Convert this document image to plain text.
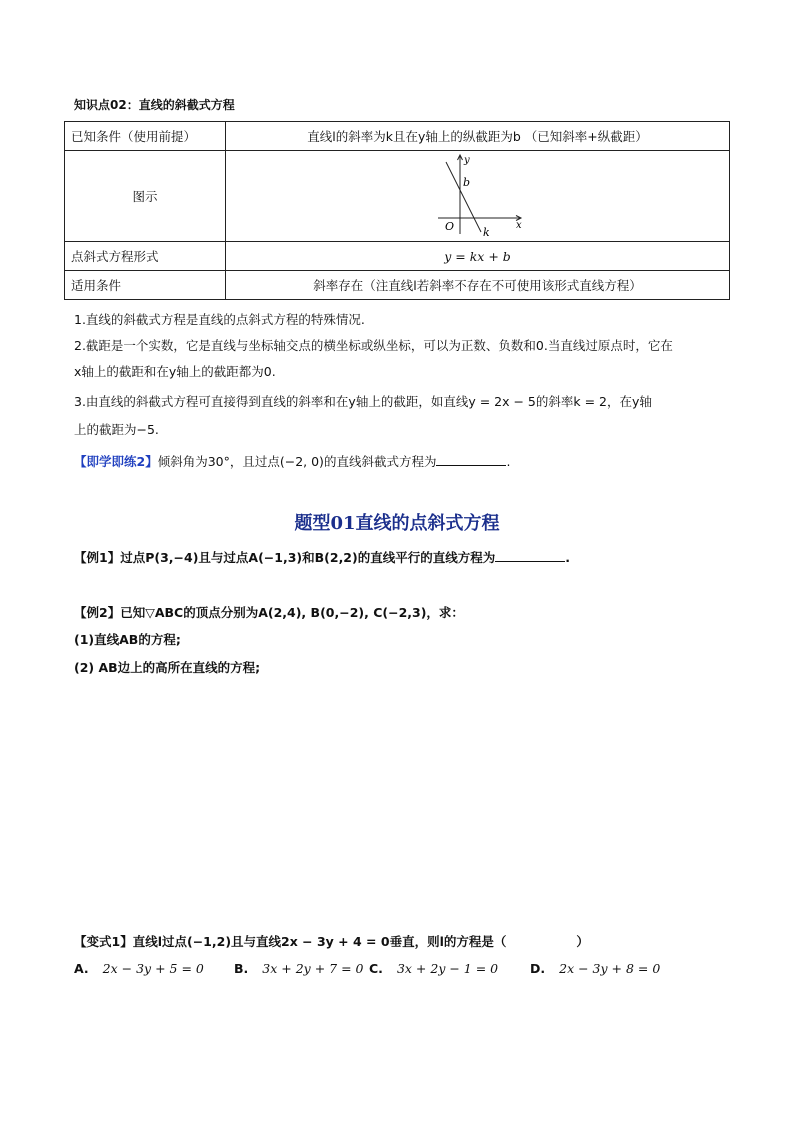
知识点02：直线的斜截式方程
已知条件（使用前提）	直线l的斜率为k且在y轴上的纵截距为b （已知斜率+纵截距）
图示	y
x
O
b
k

点斜式方程形式	y = kx + b
适用条件	斜率存在（注直线l若斜率不存在不可使用该形式直线方程）
1.直线的斜截式方程是直线的点斜式方程的特殊情况.
2.截距是一个实数，它是直线与坐标轴交点的横坐标或纵坐标，可以为正数、负数和0.当直线过原点时，它在
x轴上的截距和在y轴上的截距都为0.
3.由直线的斜截式方程可直接得到直线的斜率和在y轴上的截距，如直线y = 2x − 5的斜率k = 2，在y轴
上的截距为−5.
【即学即练2】倾斜角为30°，且过点(−2, 0)的直线斜截式方程为	.
题型01直线的点斜式方程
【例1】过点P(3,−4)且与过点A(−1,3)和B(2,2)的直线平行的直线方程为	.
【例2】已知▽ABC的顶点分别为A(2,4), B(0,−2), C(−2,3)，求：
(1)直线AB的方程;
(2) AB边上的高所在直线的方程;
【变式1】直线l过点(−1,2)且与直线2x − 3y + 4 = 0垂直，则l的方程是（	）
A. 2x − 3y + 5 = 0 B. 3x + 2y + 7 = 0 C. 3x + 2y − 1 = 0	D. 2x − 3y + 8 = 0
